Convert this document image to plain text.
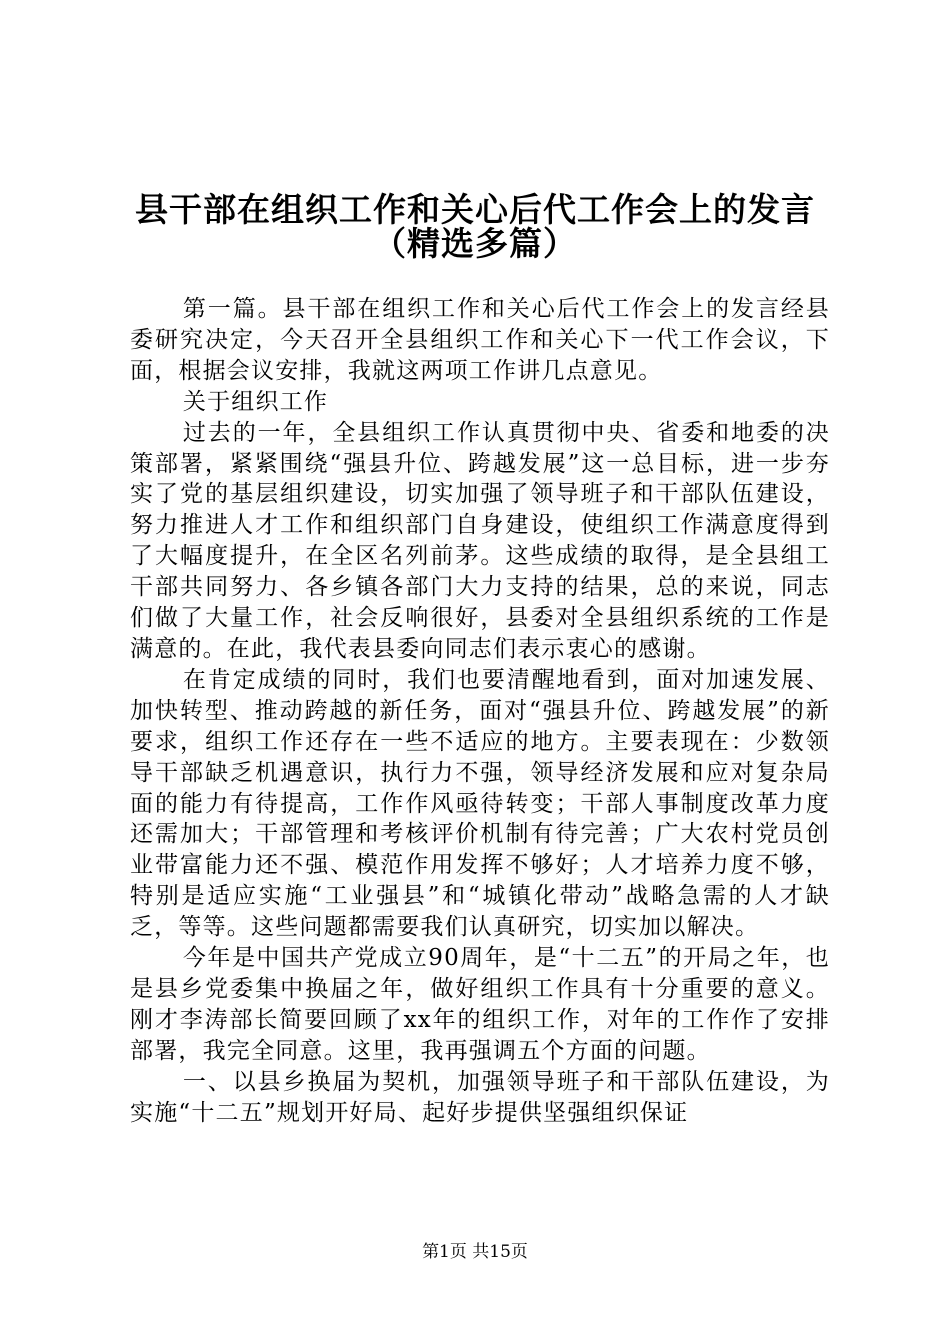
县干部在组织工作和关心后代工作会上的发言
（精选多篇）

第一篇。县干部在组织工作和关心后代工作会上的发言经县委研究决定，今天召开全县组织工作和关心下一代工作会议，下面，根据会议安排，我就这两项工作讲几点意见。

关于组织工作

过去的一年，全县组织工作认真贯彻中央、省委和地委的决策部署，紧紧围绕“强县升位、跨越发展”这一总目标，进一步夯实了党的基层组织建设，切实加强了领导班子和干部队伍建设，努力推进人才工作和组织部门自身建设，使组织工作满意度得到了大幅度提升，在全区名列前茅。这些成绩的取得，是全县组工干部共同努力、各乡镇各部门大力支持的结果，总的来说，同志们做了大量工作，社会反响很好，县委对全县组织系统的工作是满意的。在此，我代表县委向同志们表示衷心的感谢。

在肯定成绩的同时，我们也要清醒地看到，面对加速发展、加快转型、推动跨越的新任务，面对“强县升位、跨越发展”的新要求，组织工作还存在一些不适应的地方。主要表现在：少数领导干部缺乏机遇意识，执行力不强，领导经济发展和应对复杂局面的能力有待提高，工作作风亟待转变；干部人事制度改革力度还需加大；干部管理和考核评价机制有待完善；广大农村党员创业带富能力还不强、模范作用发挥不够好；人才培养力度不够，特别是适应实施“工业强县”和“城镇化带动”战略急需的人才缺乏，等等。这些问题都需要我们认真研究，切实加以解决。

今年是中国共产党成立90周年，是“十二五”的开局之年，也是县乡党委集中换届之年，做好组织工作具有十分重要的意义。刚才李涛部长简要回顾了xx年的组织工作，对年的工作作了安排部署，我完全同意。这里，我再强调五个方面的问题。

一、以县乡换届为契机，加强领导班子和干部队伍建设，为实施“十二五”规划开好局、起好步提供坚强组织保证

第1页 共15页
